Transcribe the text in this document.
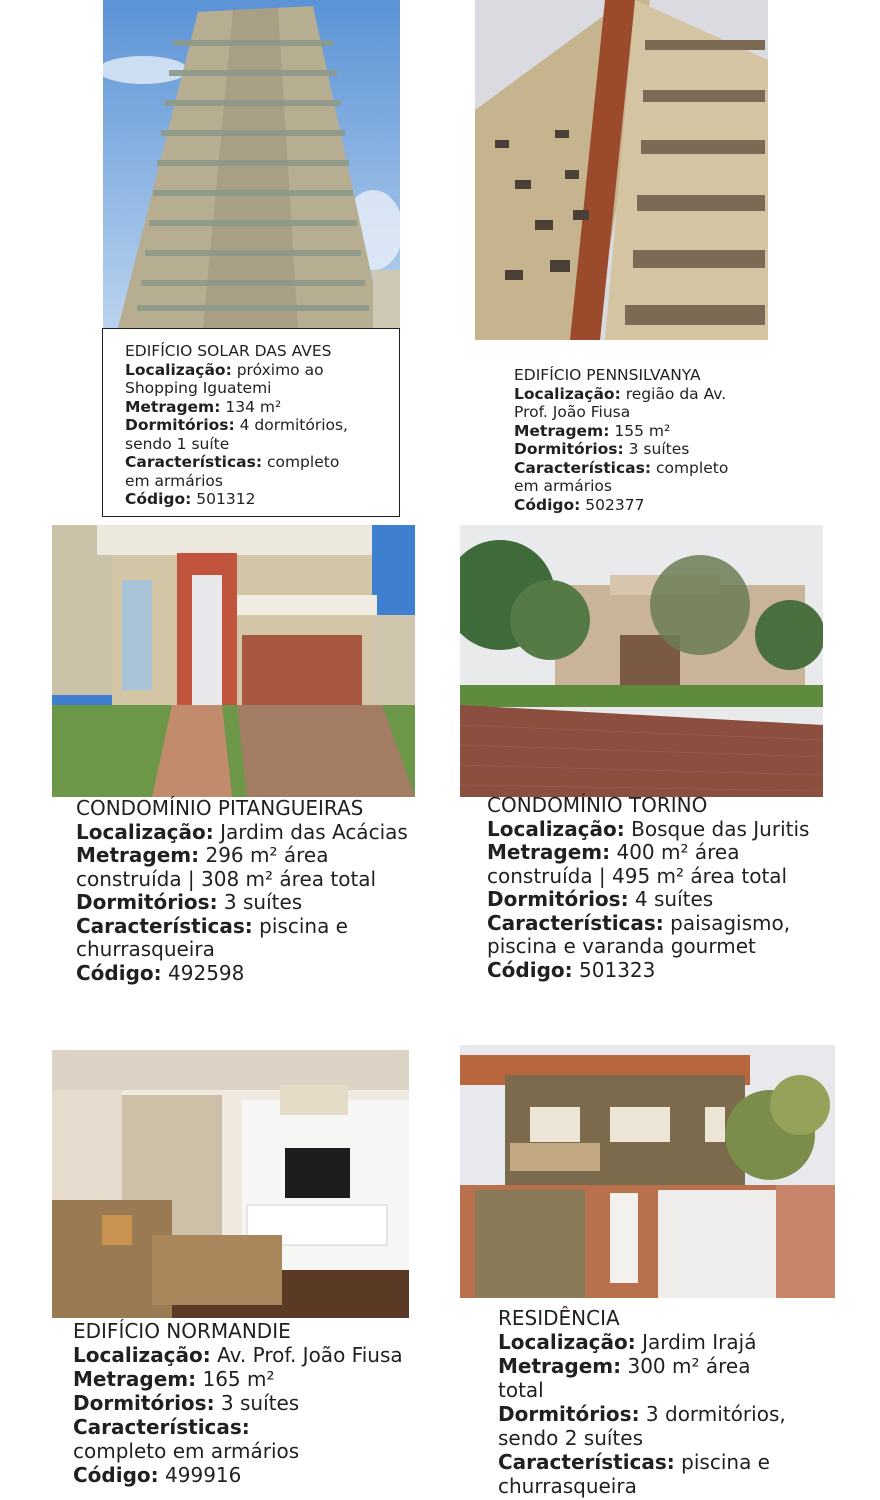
EDIFÍCIO SOLAR DAS AVES
Localização: próximo ao
Shopping Iguatemi
Metragem: 134 m²
Dormitórios: 4 dormitórios,
sendo 1 suíte
Características: completo
em armários
Código: 501312
EDIFÍCIO PENNSILVANYA
Localização: região da Av.
Prof. João Fiusa
Metragem: 155 m²
Dormitórios: 3 suítes
Características: completo
em armários
Código: 502377
CONDOMÍNIO PITANGUEIRAS
Localização: Jardim das Acácias
Metragem: 296 m² área
construída | 308 m² área total
Dormitórios: 3 suítes
Características: piscina e
churrasqueira
Código: 492598
CONDOMÍNIO TORINO
Localização: Bosque das Juritis
Metragem: 400 m² área
construída | 495 m² área total
Dormitórios: 4 suítes
Características: paisagismo,
piscina e varanda gourmet
Código: 501323
EDIFÍCIO NORMANDIE
Localização: Av. Prof. João Fiusa
Metragem: 165 m²
Dormitórios: 3 suítes
Características:
completo em armários
Código: 499916
RESIDÊNCIA
Localização: Jardim Irajá
Metragem: 300 m² área
total
Dormitórios: 3 dormitórios,
sendo 2 suítes
Características: piscina e
churrasqueira
